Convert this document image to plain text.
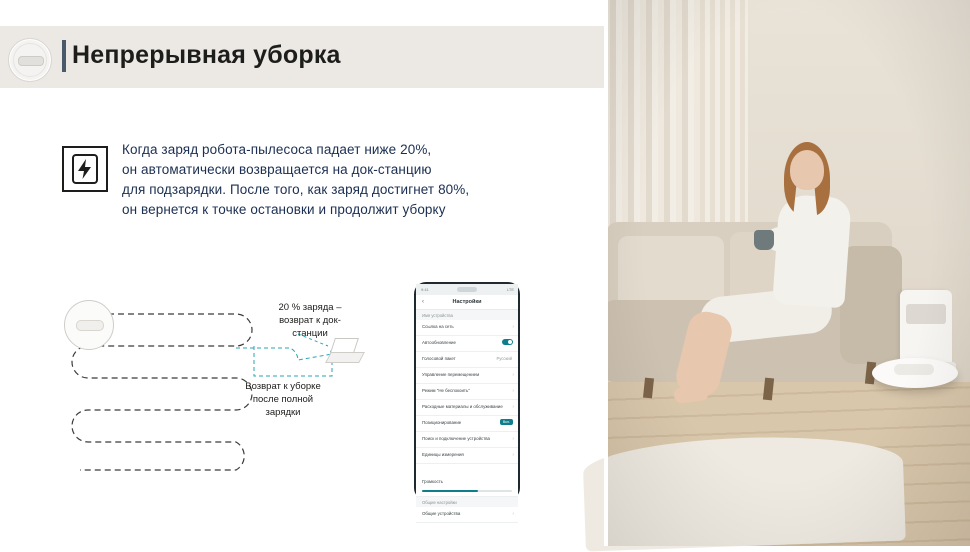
Непрерывная уборка
Когда заряд робота-пылесоса падает ниже 20%,
он автоматически возвращается на док-станцию
для подзарядки. После того, как заряд достигнет 80%,
он вернется к точке остановки и продолжит уборку
20 % заряда –
возврат к док-
станции
Возврат к уборке
после полной
зарядки
9:41	LTE
‹	Настройки
Имя устройства
Ссылка на сеть	›
Автообновление
Голосовой пакет	Русский
Управление перемещением	›
Режим "Не беспокоить"	›
Расходные материалы и обслуживание ›
Позиционирование	Вкл.
Поиск и подключение устройства	›
Единицы измерения	›
Громкость
Общие настройки
Общие устройства	›
